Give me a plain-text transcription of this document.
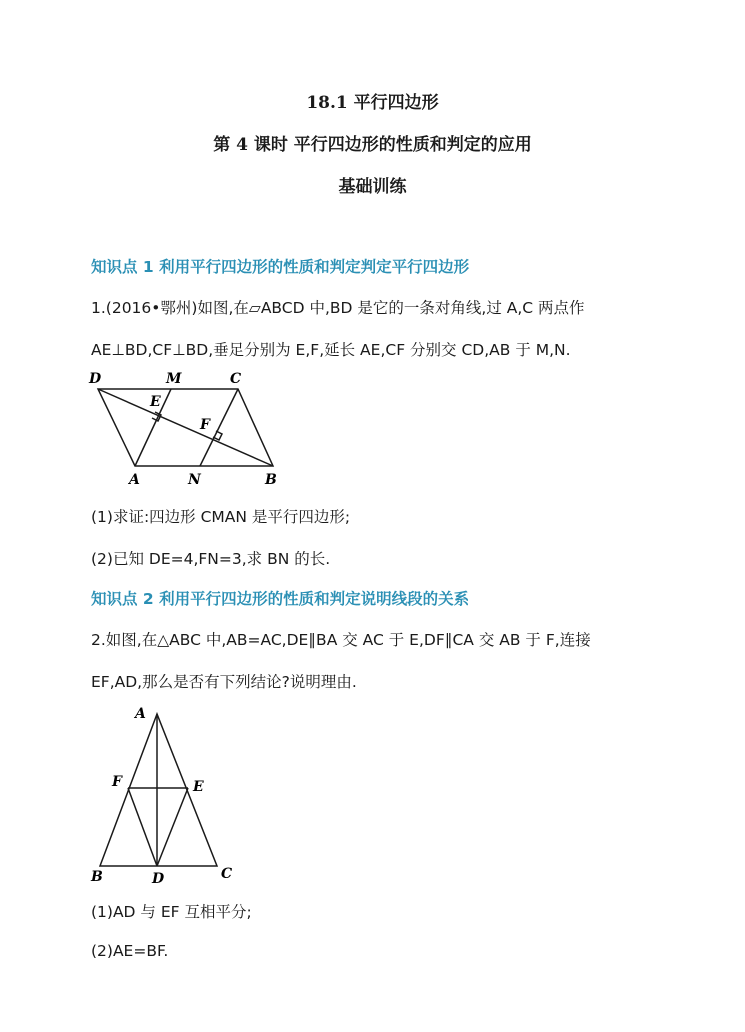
18.1 平行四边形
第 4 课时 平行四边形的性质和判定的应用
基础训练
知识点 1 利用平行四边形的性质和判定判定平行四边形
1.(2016•鄂州)如图,在▱ABCD 中,BD 是它的一条对角线,过 A,C 两点作
AE⊥BD,CF⊥BD,垂足分别为 E,F,延长 AE,CF 分别交 CD,AB 于 M,N.
D	M	C
E
F
A	N	B
(1)求证:四边形 CMAN 是平行四边形;
(2)已知 DE=4,FN=3,求 BN 的长.
知识点 2 利用平行四边形的性质和判定说明线段的关系
2.如图,在△ABC 中,AB=AC,DE∥BA 交 AC 于 E,DF∥CA 交 AB 于 F,连接
EF,AD,那么是否有下列结论?说明理由.
A
F	E
B	D	C
(1)AD 与 EF 互相平分;
(2)AE=BF.
